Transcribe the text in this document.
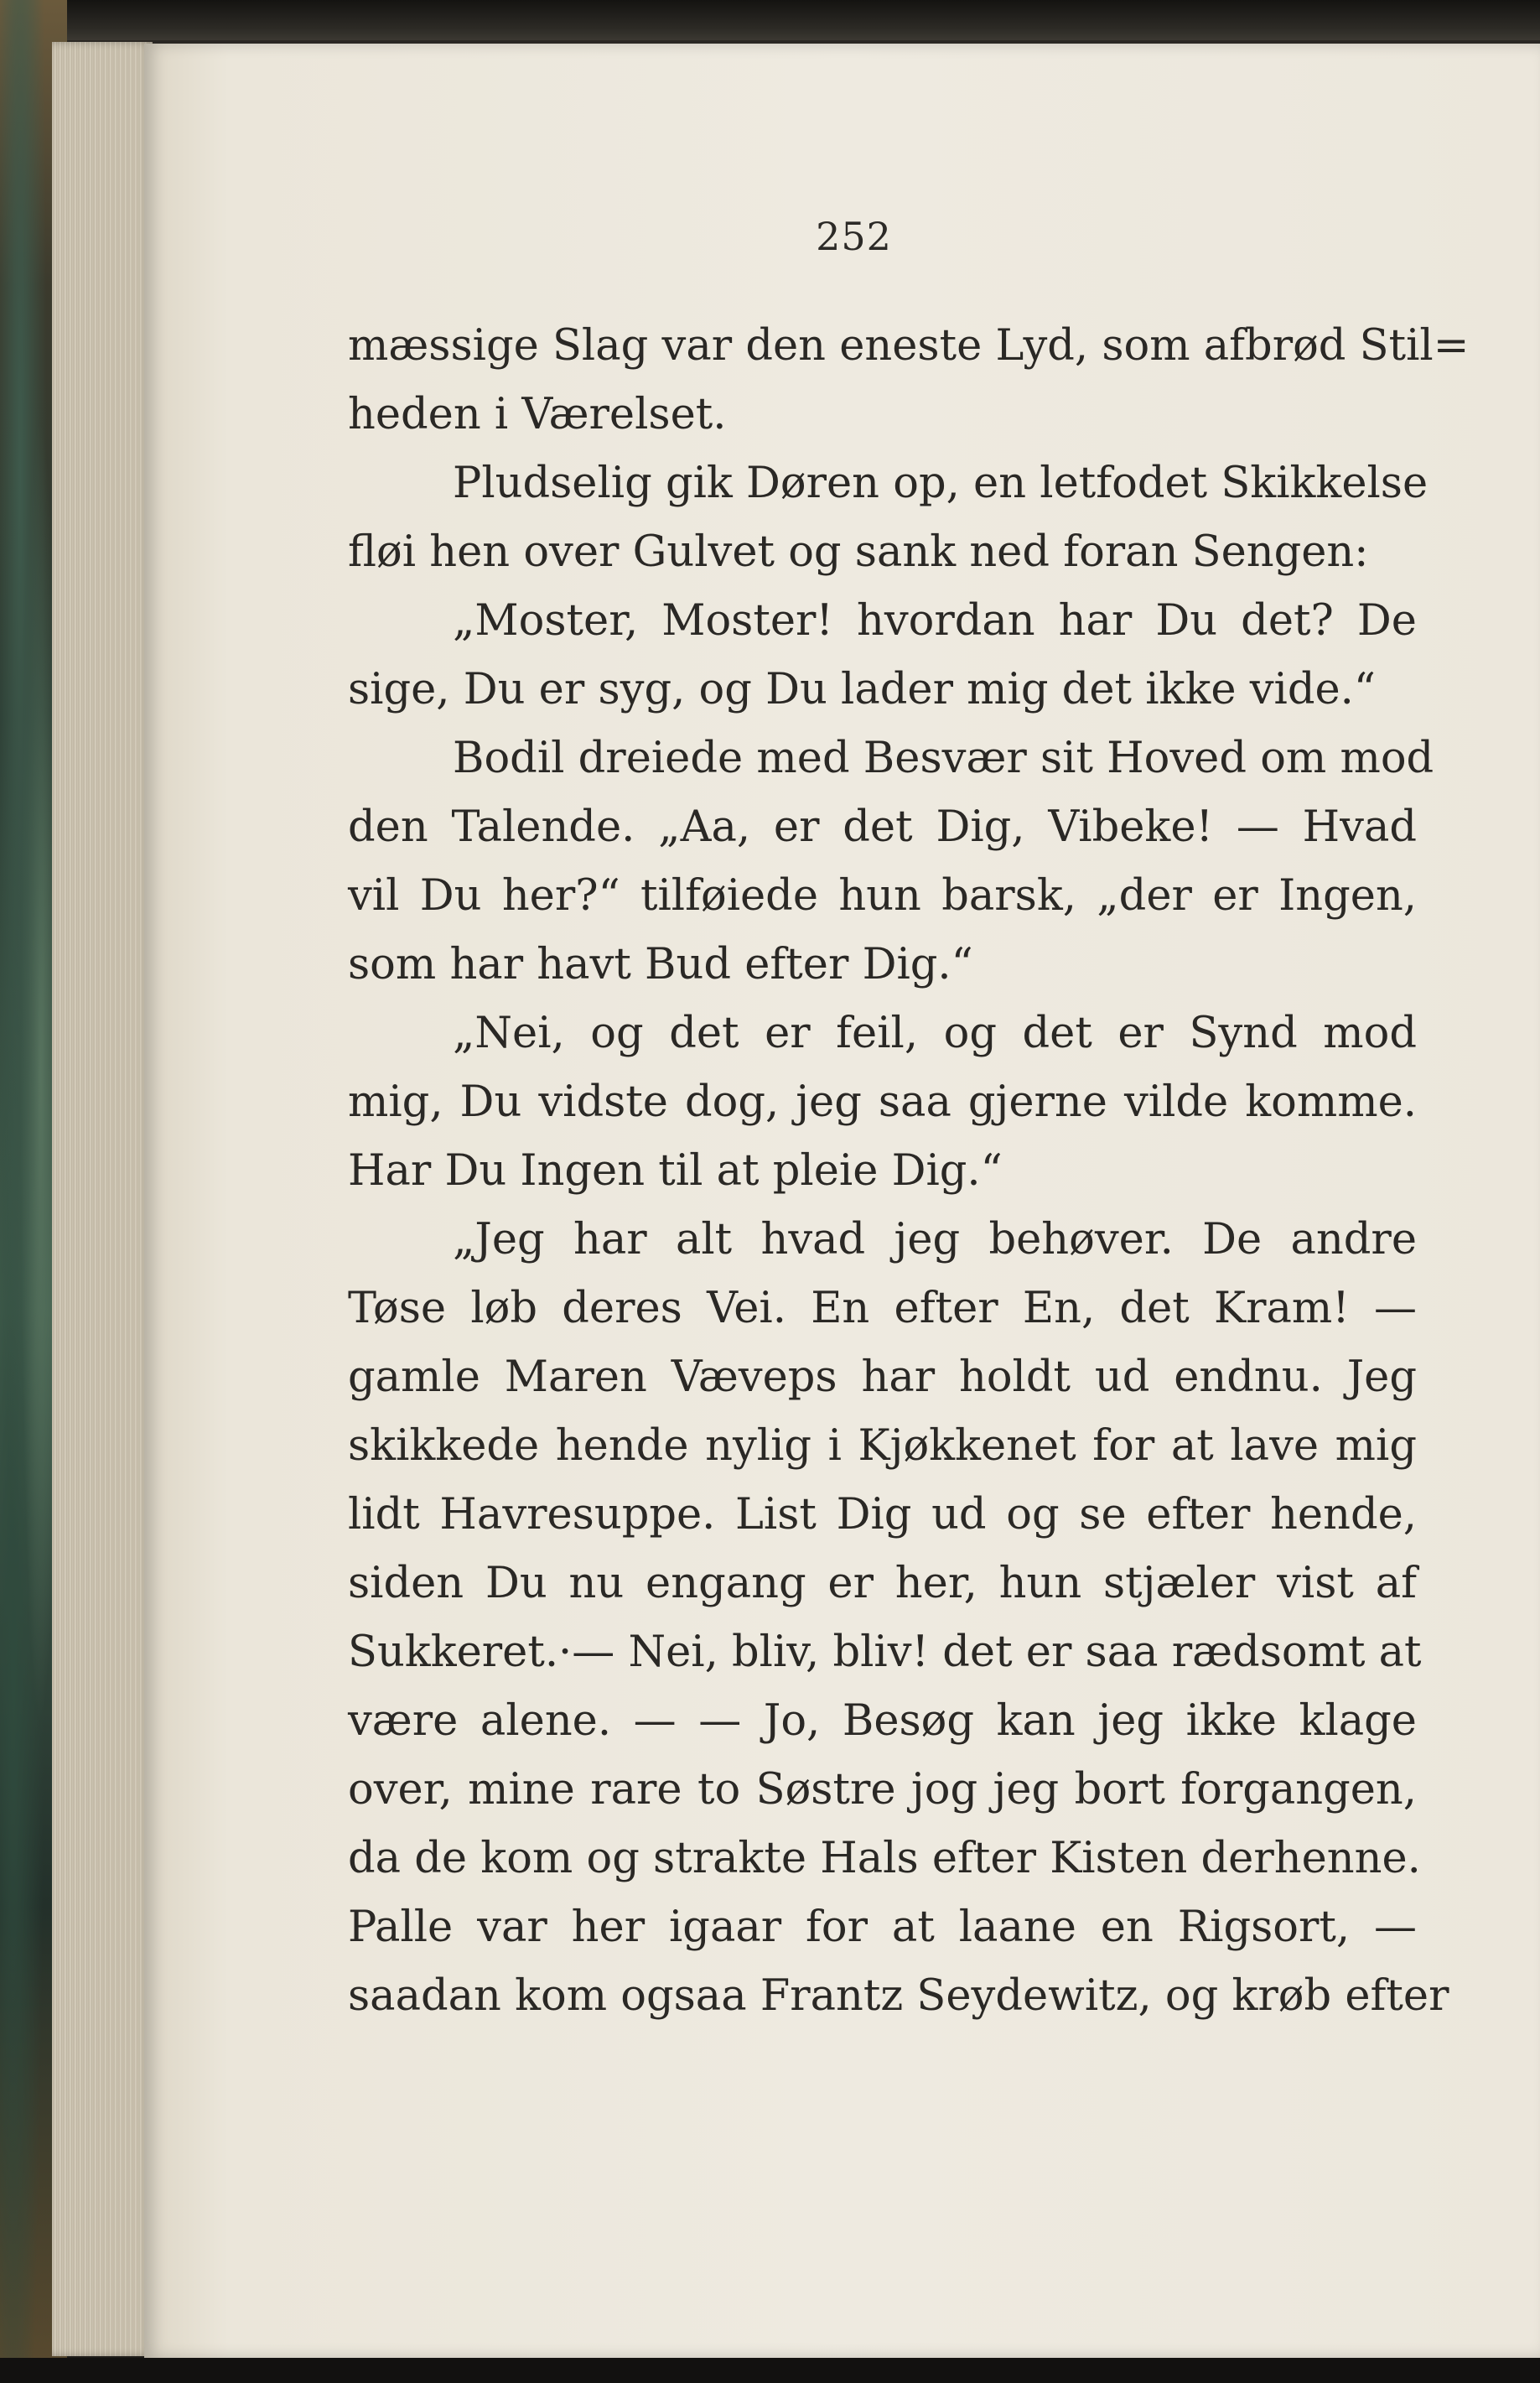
252
mæssige Slag var den eneste Lyd, som afbrød Stil=
heden i Værelset.
Pludselig gik Døren op, en letfodet Skikkelse
fløi hen over Gulvet og sank ned foran Sengen:
„Moster, Moster! hvordan har Du det? De
sige, Du er syg, og Du lader mig det ikke vide.“
Bodil dreiede med Besvær sit Hoved om mod
den Talende. „Aa, er det Dig, Vibeke! — Hvad
vil Du her?“ tilføiede hun barsk, „der er Ingen,
som har havt Bud efter Dig.“
„Nei, og det er feil, og det er Synd mod
mig, Du vidste dog, jeg saa gjerne vilde komme.
Har Du Ingen til at pleie Dig.“
„Jeg har alt hvad jeg behøver. De andre
Tøse løb deres Vei. En efter En, det Kram! —
gamle Maren Væveрs har holdt ud endnu. Jeg
skikkede hende nylig i Kjøkkenet for at lave mig
lidt Havresuppe. List Dig ud og se efter hende,
siden Du nu engang er her, hun stjæler vist af
Sukkeret.·— Nei, bliv, bliv! det er saa rædsomt at
være alene. — — Jo, Besøg kan jeg ikke klage
over, mine rare to Søstre jog jeg bort forgangen,
da de kom og strakte Hals efter Kisten derhenne.
Palle var her igaar for at laane en Rigsort, —
saadan kom ogsaa Frantz Seydewitz, og krøb efter
